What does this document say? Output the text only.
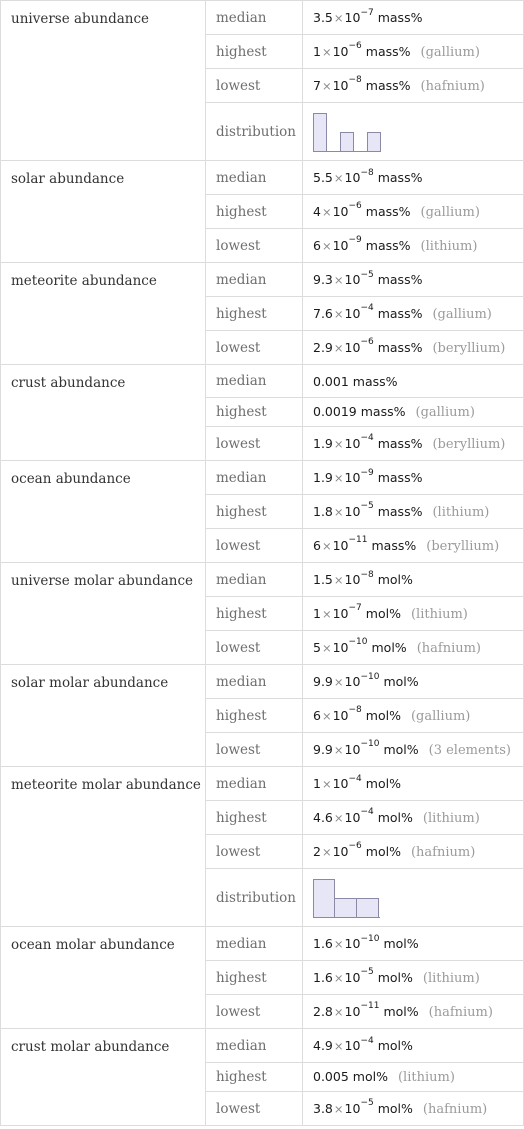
universe abundance	median	$3.5\times 10^{-7}$ mass%
	highest	$1\times 10^{-6}$ mass% (gallium)
	lowest	$7\times 10^{-8}$ mass% (hafnium)
	distribution	

solar abundance	median	$5.5\times 10^{-8}$ mass%
	highest	$4\times 10^{-6}$ mass% (gallium)
	lowest	$6\times 10^{-9}$ mass% (lithium)
meteorite abundance	median	$9.3\times 10^{-5}$ mass%
	highest	$7.6\times 10^{-4}$ mass% (gallium)
	lowest	$2.9\times 10^{-6}$ mass% (beryllium)
crust abundance	median	0.001 mass%
	highest	0.0019 mass% (gallium)
	lowest	$1.9\times 10^{-4}$ mass% (beryllium)
ocean abundance	median	$1.9\times 10^{-9}$ mass%
	highest	$1.8\times 10^{-5}$ mass% (lithium)
	lowest	$6\times 10^{-11}$ mass% (beryllium)
universe molar abundance	median	$1.5\times 10^{-8}$ mol%
	highest	$1\times 10^{-7}$ mol% (lithium)
	lowest	$5\times 10^{-10}$ mol% (hafnium)
solar molar abundance	median	$9.9\times 10^{-10}$ mol%
	highest	$6\times 10^{-8}$ mol% (gallium)
	lowest	$9.9\times 10^{-10}$ mol% (3 elements)
meteorite molar abundance	median	$1\times 10^{-4}$ mol%
	highest	$4.6\times 10^{-4}$ mol% (lithium)
	lowest	$2\times 10^{-6}$ mol% (hafnium)
	distribution	

ocean molar abundance	median	$1.6\times 10^{-10}$ mol%
	highest	$1.6\times 10^{-5}$ mol% (lithium)
	lowest	$2.8\times 10^{-11}$ mol% (hafnium)
crust molar abundance	median	$4.9\times 10^{-4}$ mol%
	highest	0.005 mol% (lithium)
	lowest	$3.8\times 10^{-5}$ mol% (hafnium)
